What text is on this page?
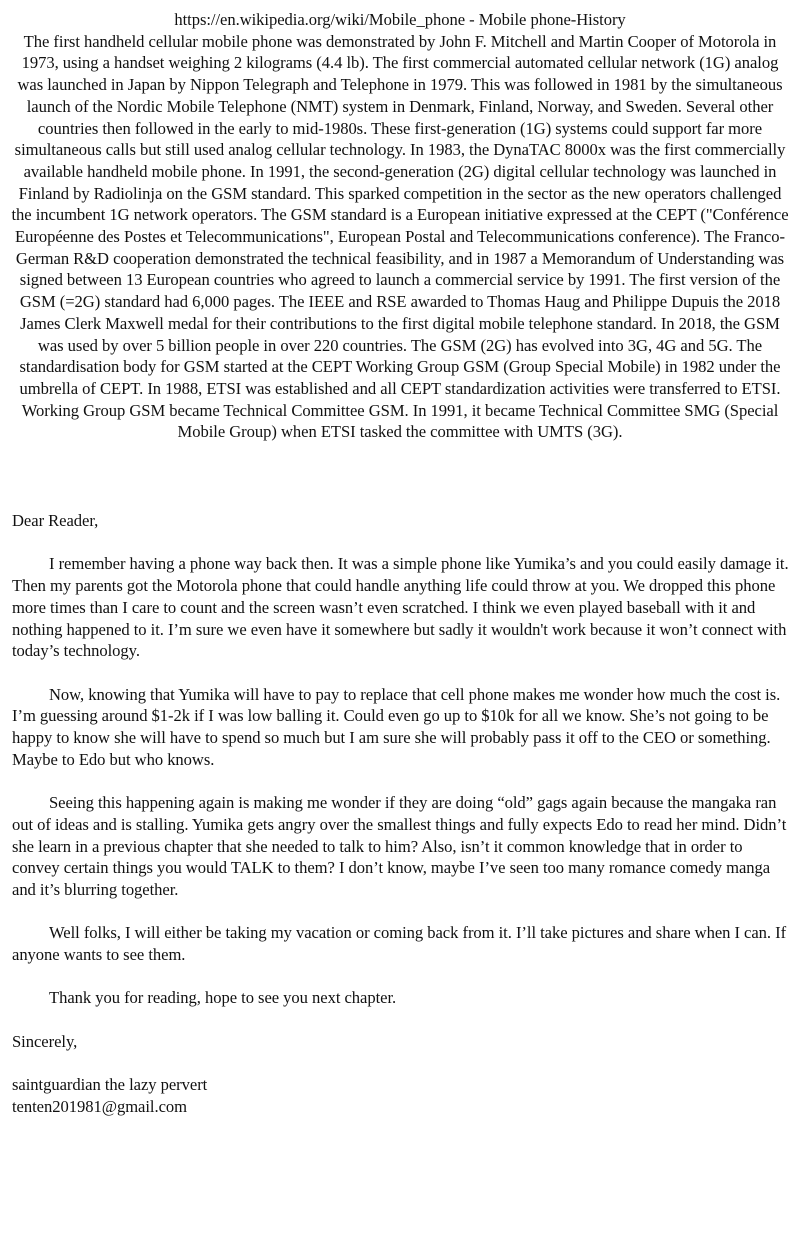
https://en.wikipedia.org/wiki/Mobile_phone - Mobile phone-History

The first handheld cellular mobile phone was demonstrated by John F. Mitchell and Martin Cooper of Motorola in 1973, using a handset weighing 2 kilograms (4.4 lb). The first commercial automated cellular network (1G) analog was launched in Japan by Nippon Telegraph and Telephone in 1979. This was followed in 1981 by the simultaneous launch of the Nordic Mobile Telephone (NMT) system in Denmark, Finland, Norway, and Sweden. Several other countries then followed in the early to mid-1980s. These first-generation (1G) systems could support far more simultaneous calls but still used analog cellular technology. In 1983, the DynaTAC 8000x was the first commercially available handheld mobile phone. In 1991, the second-generation (2G) digital cellular technology was launched in Finland by Radiolinja on the GSM standard. This sparked competition in the sector as the new operators challenged the incumbent 1G network operators. The GSM standard is a European initiative expressed at the CEPT ("Conférence Européenne des Postes et Telecommunications", European Postal and Telecommunications conference). The Franco-German R&D cooperation demonstrated the technical feasibility, and in 1987 a Memorandum of Understanding was signed between 13 European countries who agreed to launch a commercial service by 1991. The first version of the GSM (=2G) standard had 6,000 pages. The IEEE and RSE awarded to Thomas Haug and Philippe Dupuis the 2018 James Clerk Maxwell medal for their contributions to the first digital mobile telephone standard. In 2018, the GSM was used by over 5 billion people in over 220 countries. The GSM (2G) has evolved into 3G, 4G and 5G. The standardisation body for GSM started at the CEPT Working Group GSM (Group Special Mobile) in 1982 under the umbrella of CEPT. In 1988, ETSI was established and all CEPT standardization activities were transferred to ETSI. Working Group GSM became Technical Committee GSM. In 1991, it became Technical Committee SMG (Special Mobile Group) when ETSI tasked the committee with UMTS (3G).

Dear Reader,

I remember having a phone way back then. It was a simple phone like Yumika’s and you could easily damage it. Then my parents got the Motorola phone that could handle anything life could throw at you. We dropped this phone more times than I care to count and the screen wasn’t even scratched. I think we even played baseball with it and nothing happened to it. I’m sure we even have it somewhere but sadly it wouldn't work because it won’t connect with today’s technology.

Now, knowing that Yumika will have to pay to replace that cell phone makes me wonder how much the cost is. I’m guessing around $1-2k if I was low balling it. Could even go up to $10k for all we know. She’s not going to be happy to know she will have to spend so much but I am sure she will probably pass it off to the CEO or something. Maybe to Edo but who knows.

Seeing this happening again is making me wonder if they are doing “old” gags again because the mangaka ran out of ideas and is stalling. Yumika gets angry over the smallest things and fully expects Edo to read her mind. Didn’t she learn in a previous chapter that she needed to talk to him? Also, isn’t it common knowledge that in order to convey certain things you would TALK to them? I don’t know, maybe I’ve seen too many romance comedy manga and it’s blurring together.

Well folks, I will either be taking my vacation or coming back from it. I’ll take pictures and share when I can. If anyone wants to see them.

Thank you for reading, hope to see you next chapter.

Sincerely,

saintguardian the lazy pervert

tenten201981@gmail.com
